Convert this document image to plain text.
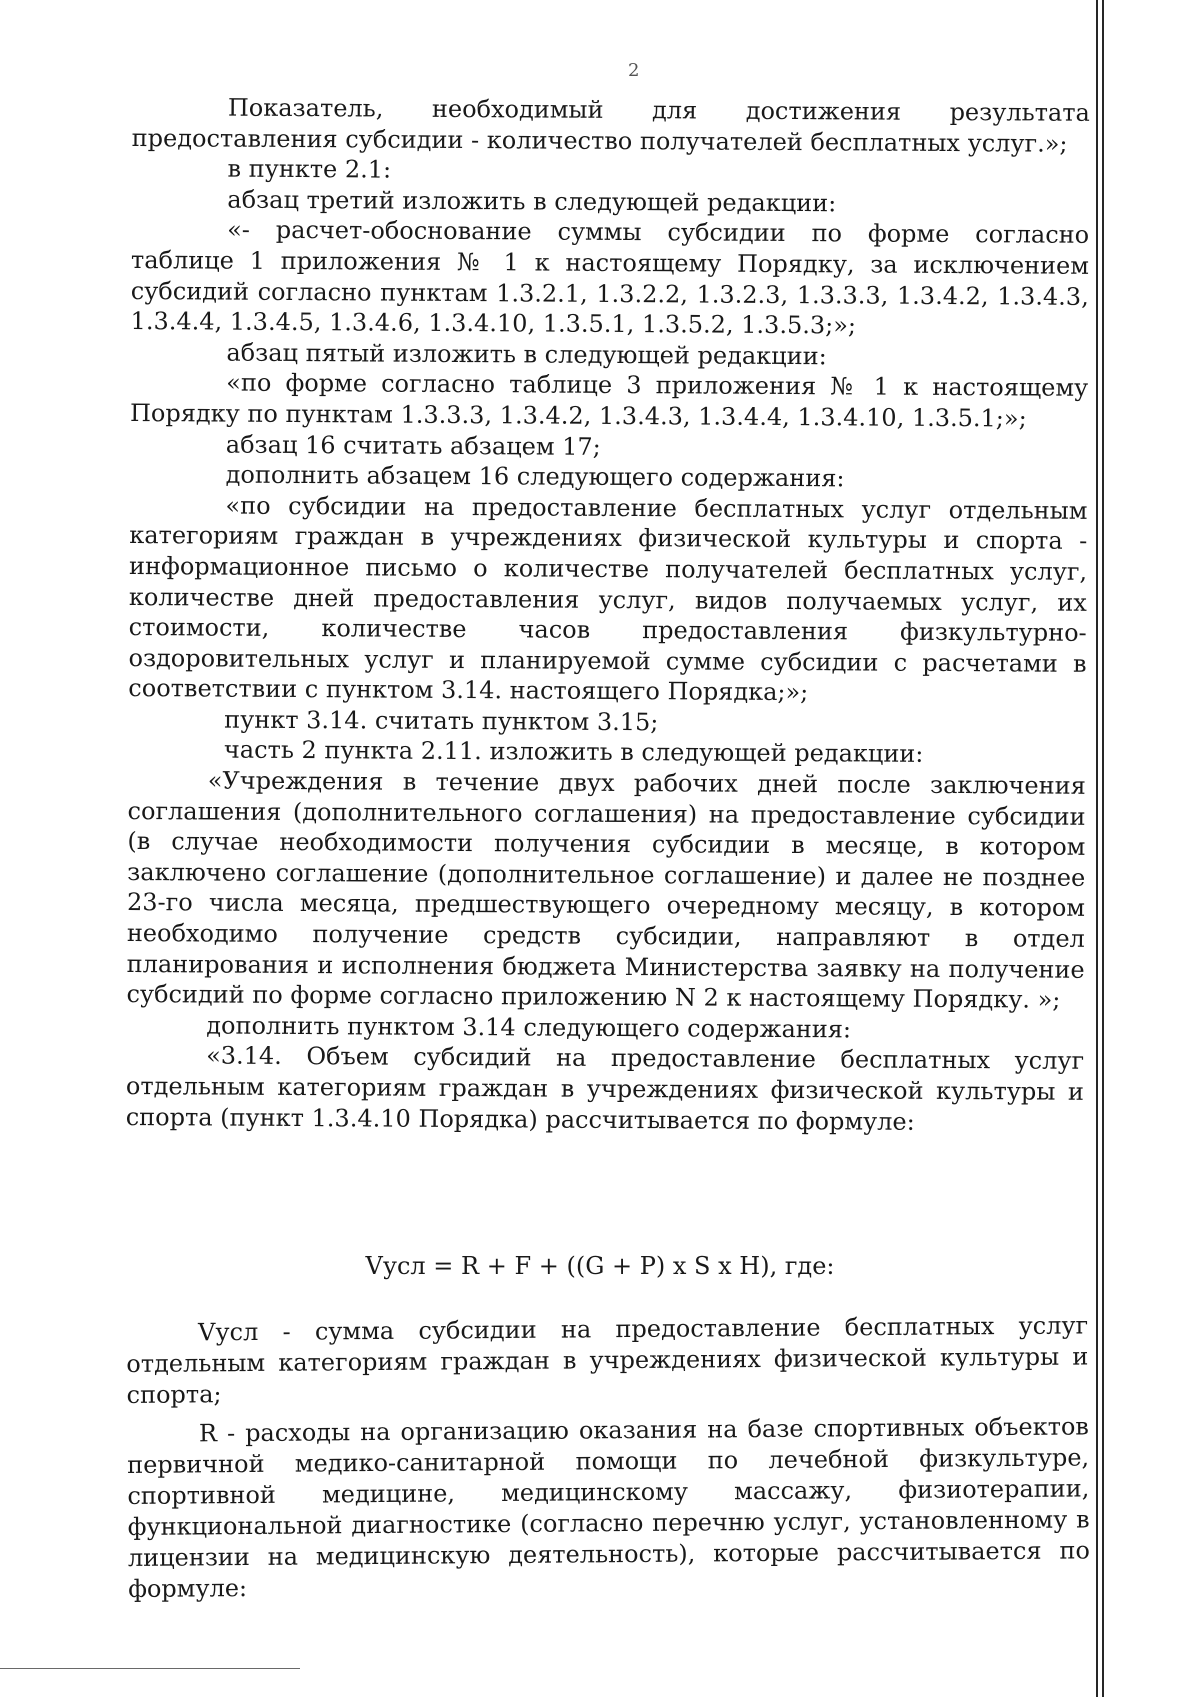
2

Показатель, необходимый для достижения результата предоставления субсидии - количество получателей бесплатных услуг.»;

в пункте 2.1:

абзац третий изложить в следующей редакции:

«- расчет-обоснование суммы субсидии по форме согласно таблице 1 приложения № 1 к настоящему Порядку, за исключением субсидий согласно пунктам 1.3.2.1, 1.3.2.2, 1.3.2.3, 1.3.3.3, 1.3.4.2, 1.3.4.3, 1.3.4.4, 1.3.4.5, 1.3.4.6, 1.3.4.10, 1.3.5.1, 1.3.5.2, 1.3.5.3;»;

абзац пятый изложить в следующей редакции:

«по форме согласно таблице 3 приложения № 1 к настоящему Порядку по пунктам 1.3.3.3, 1.3.4.2, 1.3.4.3, 1.3.4.4, 1.3.4.10, 1.3.5.1;»;

абзац 16 считать абзацем 17;

дополнить абзацем 16 следующего содержания:

«по субсидии на предоставление бесплатных услуг отдельным категориям граждан в учреждениях физической культуры и спорта - информационное письмо о количестве получателей бесплатных услуг, количестве дней предоставления услуг, видов получаемых услуг, их стоимости, количестве часов предоставления физкультурно-оздоровительных услуг и планируемой сумме субсидии с расчетами в соответствии с пунктом 3.14. настоящего Порядка;»;

пункт 3.14. считать пунктом 3.15;

часть 2 пункта 2.11. изложить в следующей редакции:

«Учреждения в течение двух рабочих дней после заключения соглашения (дополнительного соглашения) на предоставление субсидии (в случае необходимости получения субсидии в месяце, в котором заключено соглашение (дополнительное соглашение) и далее не позднее 23-го числа месяца, предшествующего очередному месяцу, в котором необходимо получение средств субсидии, направляют в отдел планирования и исполнения бюджета Министерства заявку на получение субсидий по форме согласно приложению N 2 к настоящему Порядку. »;

дополнить пунктом 3.14 следующего содержания:

«3.14. Объем субсидий на предоставление бесплатных услуг отдельным категориям граждан в учреждениях физической культуры и спорта (пункт 1.3.4.10 Порядка) рассчитывается по формуле:

Vусл = R + F + ((G + P) x S x H), где:

Vусл - сумма субсидии на предоставление бесплатных услуг отдельным категориям граждан в учреждениях физической культуры и спорта;

R - расходы на организацию оказания на базе спортивных объектов первичной медико-санитарной помощи по лечебной физкультуре, спортивной медицине, медицинскому массажу, физиотерапии, функциональной диагностике (согласно перечню услуг, установленному в лицензии на медицинскую деятельность), которые рассчитывается по формуле:
